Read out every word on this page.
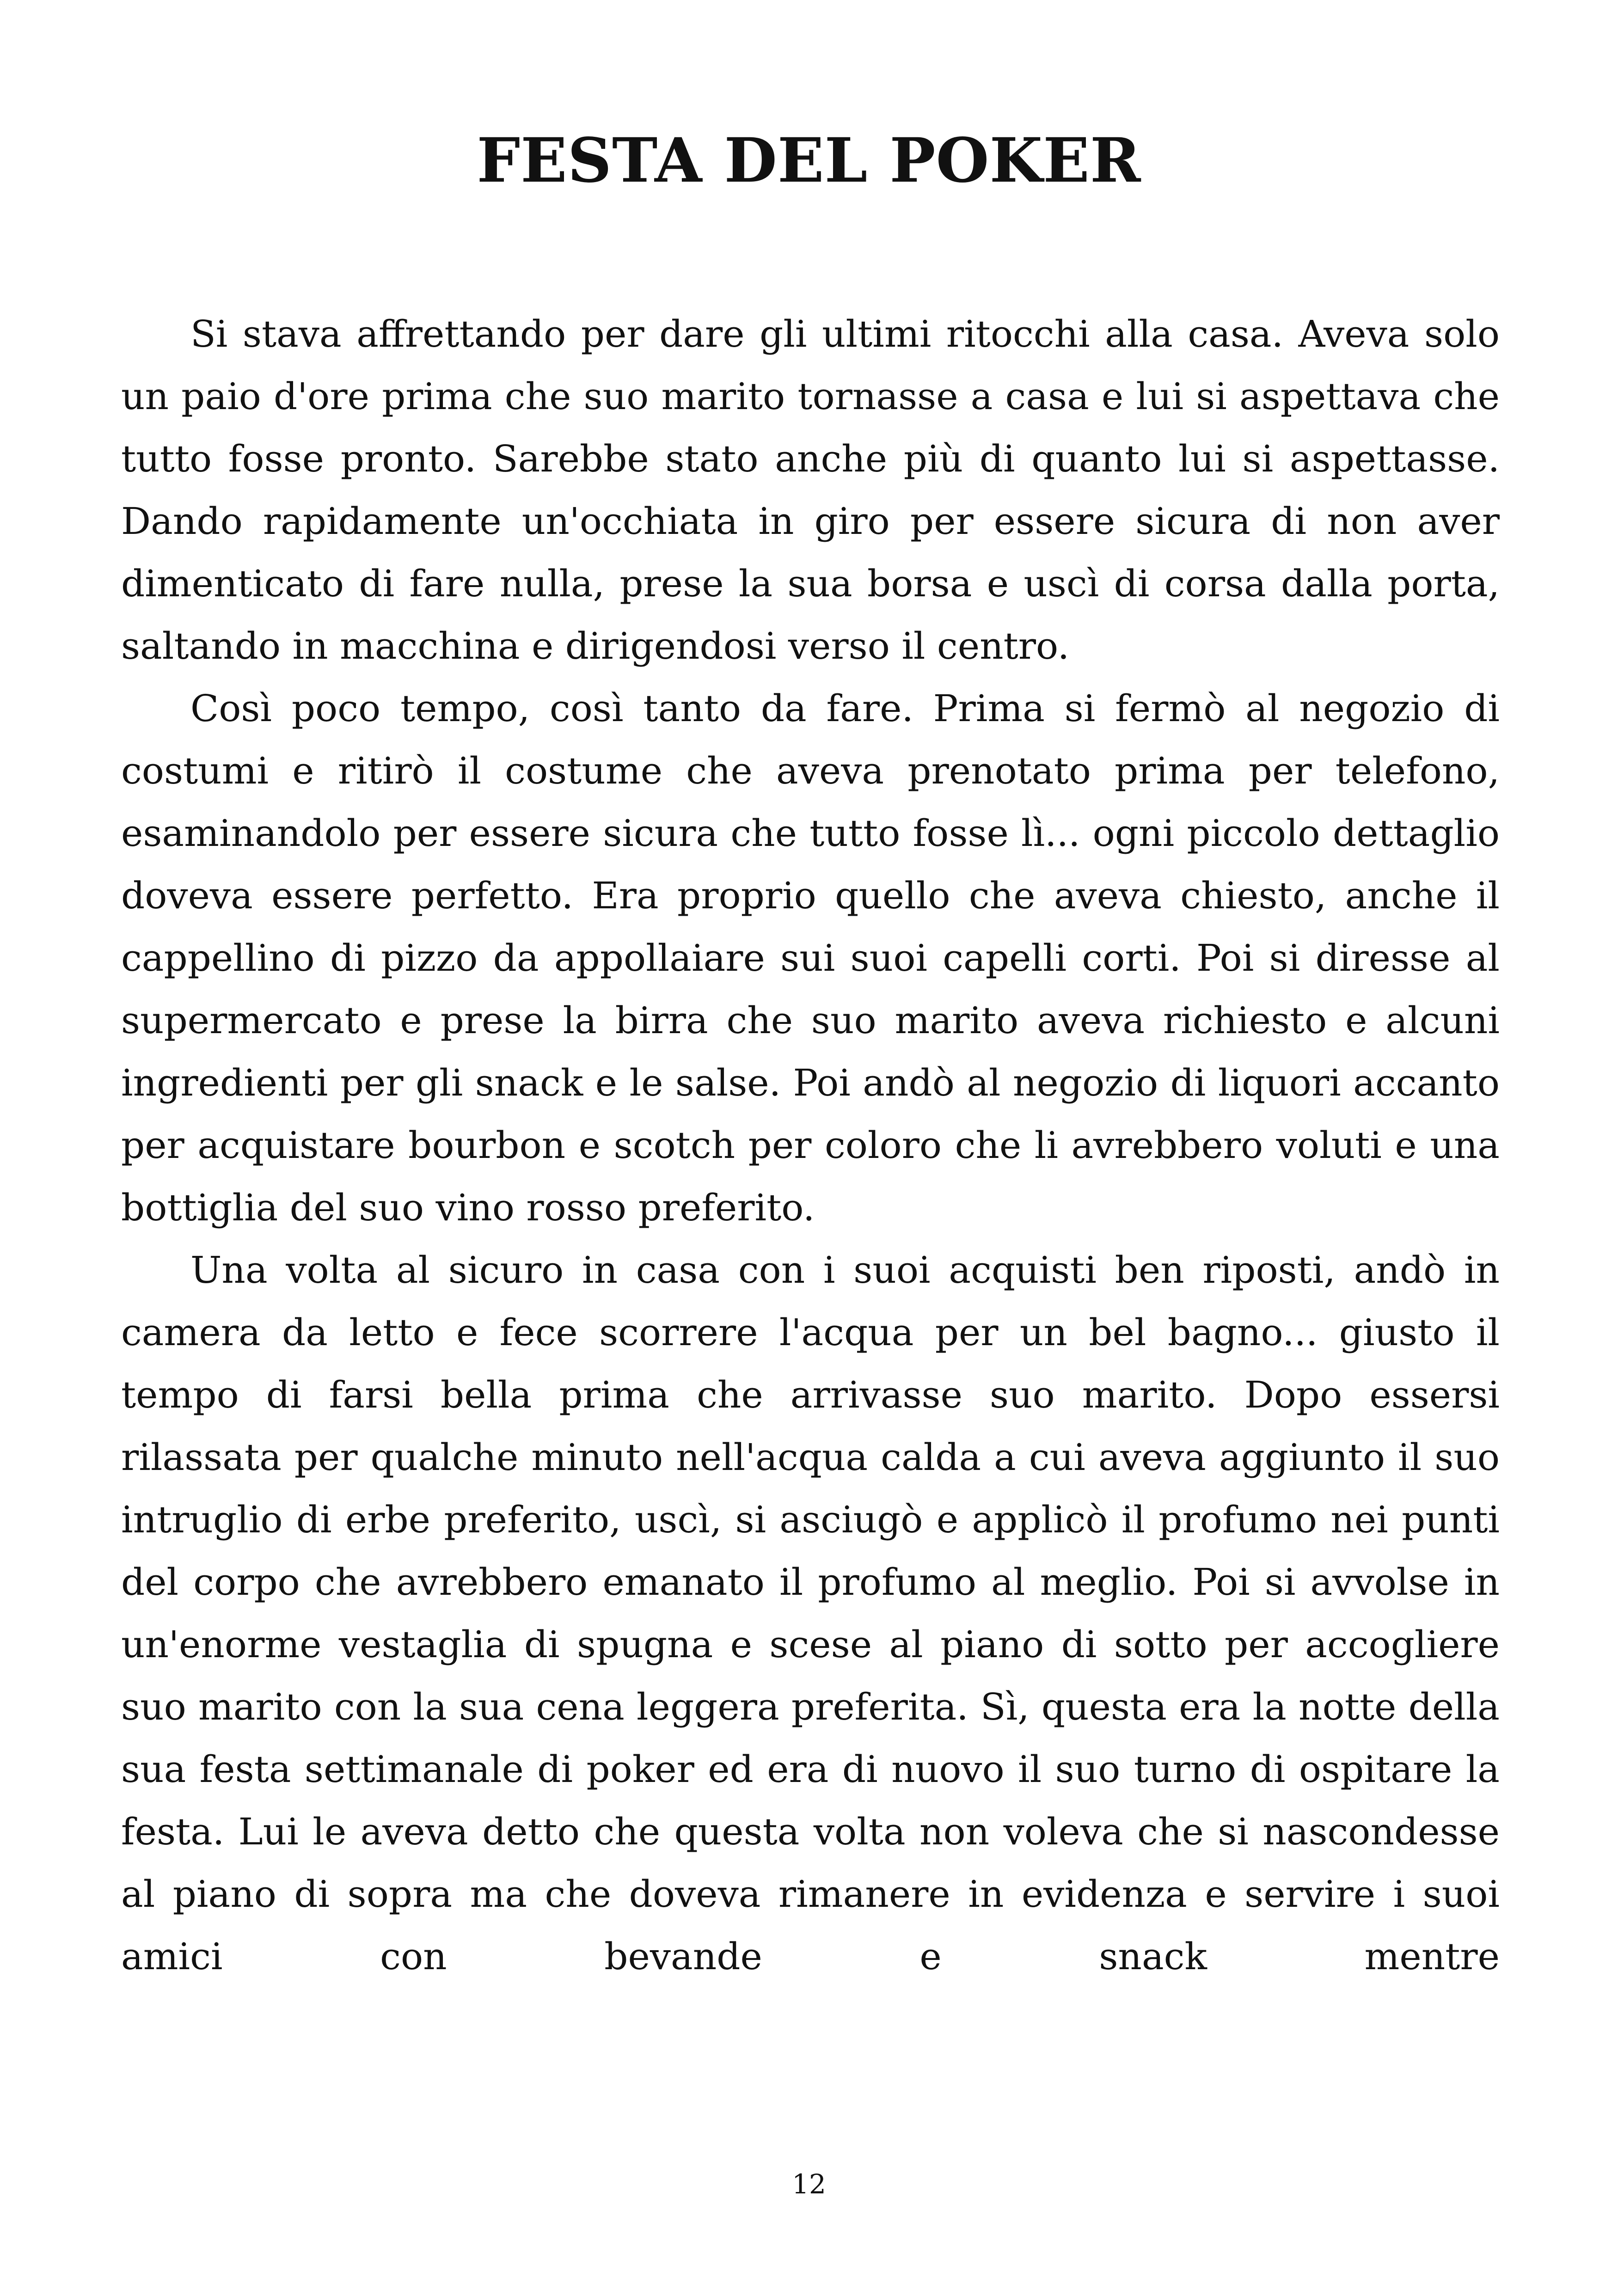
FESTA DEL POKER

Si stava affrettando per dare gli ultimi ritocchi alla casa. Aveva solo un paio d'ore prima che suo marito tornasse a casa e lui si aspettava che tutto fosse pronto. Sarebbe stato anche più di quanto lui si aspettasse. Dando rapidamente un'occhiata in giro per essere sicura di non aver dimenticato di fare nulla, prese la sua borsa e uscì di corsa dalla porta, saltando in macchina e dirigendosi verso il centro.

Così poco tempo, così tanto da fare. Prima si fermò al negozio di costumi e ritirò il costume che aveva prenotato prima per telefono, esaminandolo per essere sicura che tutto fosse lì... ogni piccolo dettaglio doveva essere perfetto. Era proprio quello che aveva chiesto, anche il cappellino di pizzo da appollaiare sui suoi capelli corti. Poi si diresse al supermercato e prese la birra che suo marito aveva richiesto e alcuni ingredienti per gli snack e le salse. Poi andò al negozio di liquori accanto per acquistare bourbon e scotch per coloro che li avrebbero voluti e una bottiglia del suo vino rosso preferito.

Una volta al sicuro in casa con i suoi acquisti ben riposti, andò in camera da letto e fece scorrere l'acqua per un bel bagno... giusto il tempo di farsi bella prima che arrivasse suo marito. Dopo essersi rilassata per qualche minuto nell'acqua calda a cui aveva aggiunto il suo intruglio di erbe preferito, uscì, si asciugò e applicò il profumo nei punti del corpo che avrebbero emanato il profumo al meglio. Poi si avvolse in un'enorme vestaglia di spugna e scese al piano di sotto per accogliere suo marito con la sua cena leggera preferita. Sì, questa era la notte della sua festa settimanale di poker ed era di nuovo il suo turno di ospitare la festa. Lui le aveva detto che questa volta non voleva che si nascondesse al piano di sopra ma che doveva rimanere in evidenza e servire i suoi amici con bevande e snack mentre

12
